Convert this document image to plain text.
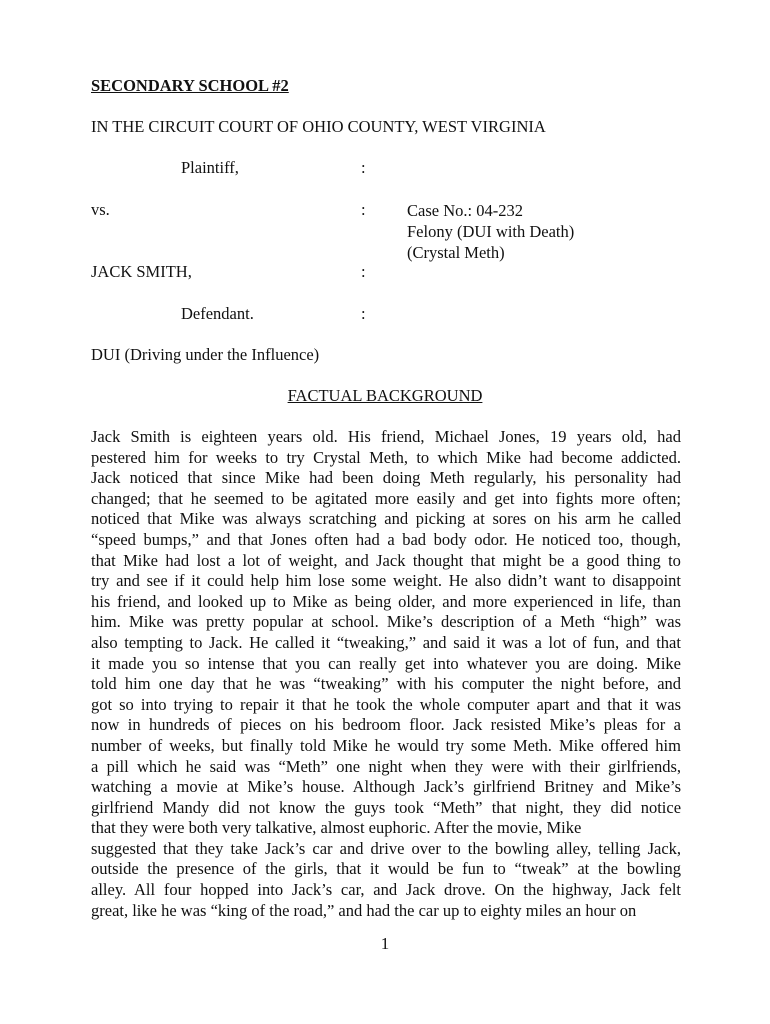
SECONDARY SCHOOL #2
IN THE CIRCUIT COURT OF OHIO COUNTY, WEST VIRGINIA
Plaintiff,	:
vs.	:	Case No.: 04-232
Felony (DUI with Death)
(Crystal Meth)
JACK SMITH,	:
Defendant.	:
DUI (Driving under the Influence)
FACTUAL BACKGROUND
Jack Smith is eighteen years old. His friend, Michael Jones, 19 years old, had
pestered him for weeks to try Crystal Meth, to which Mike had become addicted.
Jack noticed that since Mike had been doing Meth regularly, his personality had
changed; that he seemed to be agitated more easily and get into fights more often;
noticed that Mike was always scratching and picking at sores on his arm he called
“speed bumps,” and that Jones often had a bad body odor. He noticed too, though,
that Mike had lost a lot of weight, and Jack thought that might be a good thing to
try and see if it could help him lose some weight. He also didn’t want to disappoint
his friend, and looked up to Mike as being older, and more experienced in life, than
him. Mike was pretty popular at school. Mike’s description of a Meth “high” was
also tempting to Jack. He called it “tweaking,” and said it was a lot of fun, and that
it made you so intense that you can really get into whatever you are doing. Mike
told him one day that he was “tweaking” with his computer the night before, and
got so into trying to repair it that he took the whole computer apart and that it was
now in hundreds of pieces on his bedroom floor. Jack resisted Mike’s pleas for a
number of weeks, but finally told Mike he would try some Meth. Mike offered him
a pill which he said was “Meth” one night when they were with their girlfriends,
watching a movie at Mike’s house. Although Jack’s girlfriend Britney and Mike’s
girlfriend Mandy did not know the guys took “Meth” that night, they did notice
that they were both very talkative, almost euphoric. After the movie, Mike
suggested that they take Jack’s car and drive over to the bowling alley, telling Jack,
outside the presence of the girls, that it would be fun to “tweak” at the bowling
alley. All four hopped into Jack’s car, and Jack drove. On the highway, Jack felt
great, like he was “king of the road,” and had the car up to eighty miles an hour on
1
